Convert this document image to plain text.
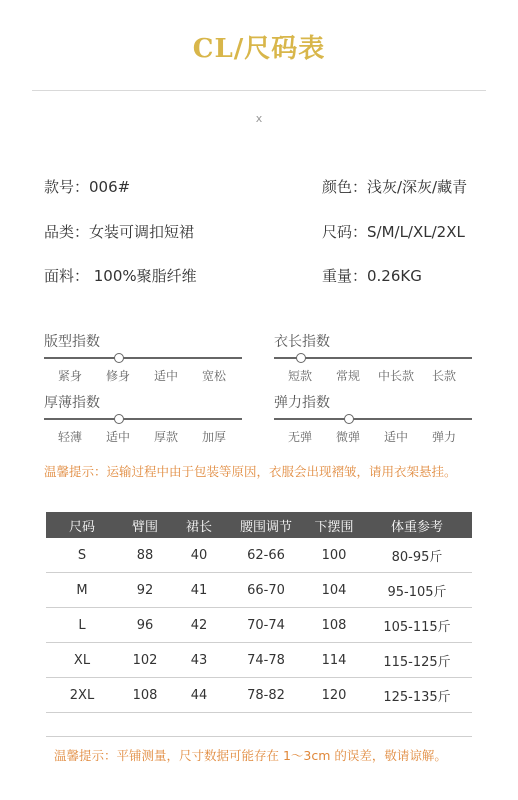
CL/尺码表
x
款号：006#	颜色：浅灰/深灰/藏青
品类：女装可调扣短裙	尺码：S/M/L/XL/2XL
面料： 100%聚脂纤维	重量：0.26KG
版型指数
紧身 修身 适中 宽松
衣长指数
短款 常规 中长款 长款
厚薄指数
轻薄 适中 厚款 加厚
弹力指数
无弹 微弹 适中 弹力
温馨提示：运输过程中由于包装等原因，衣服会出现褶皱，请用衣架悬挂。
尺码	臂围	裙长	腰围调节	下摆围	体重参考
S	88	40	62-66	100	80-95斤
M	92	41	66-70	104	95-105斤
L	96	42	70-74	108	105-115斤
XL	102	43	74-78	114	115-125斤
2XL	108	44	78-82	120	125-135斤
温馨提示：平铺测量，尺寸数据可能存在 1～3cm 的误差，敬请谅解。
